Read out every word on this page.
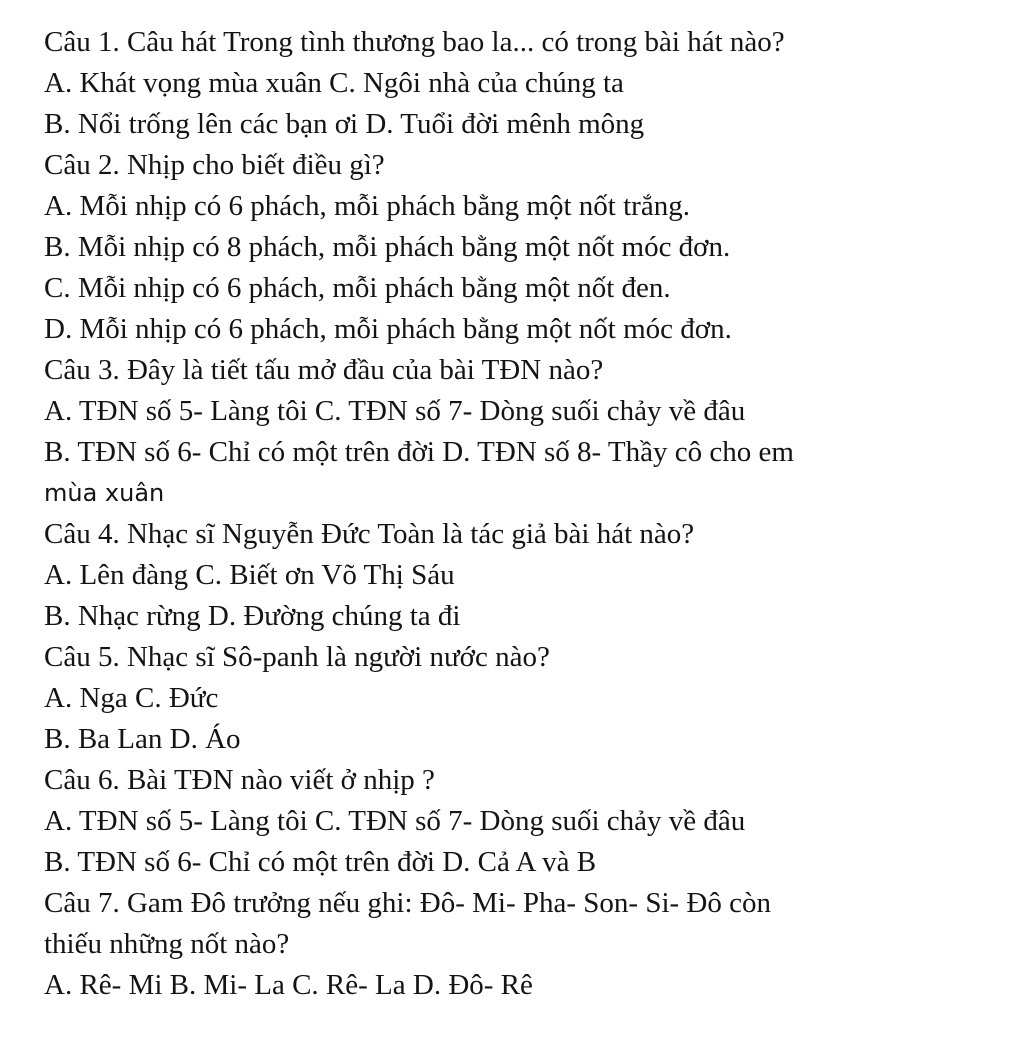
Câu 1. Câu hát Trong tình thương bao la... có trong bài hát nào?
A. Khát vọng mùa xuân C. Ngôi nhà của chúng ta
B. Nổi trống lên các bạn ơi D. Tuổi đời mênh mông
Câu 2. Nhịp cho biết điều gì?
A. Mỗi nhịp có 6 phách, mỗi phách bằng một nốt trắng.
B. Mỗi nhịp có 8 phách, mỗi phách bằng một nốt móc đơn.
C. Mỗi nhịp có 6 phách, mỗi phách bằng một nốt đen.
D. Mỗi nhịp có 6 phách, mỗi phách bằng một nốt móc đơn.
Câu 3. Đây là tiết tấu mở đầu của bài TĐN nào?
A. TĐN số 5- Làng tôi C. TĐN số 7- Dòng suối chảy về đâu
B. TĐN số 6- Chỉ có một trên đời D. TĐN số 8- Thầy cô cho em
mùa xuân
Câu 4. Nhạc sĩ Nguyễn Đức Toàn là tác giả bài hát nào?
A. Lên đàng C. Biết ơn Võ Thị Sáu
B. Nhạc rừng D. Đường chúng ta đi
Câu 5. Nhạc sĩ Sô-panh là người nước nào?
A. Nga C. Đức
B. Ba Lan D. Áo
Câu 6. Bài TĐN nào viết ở nhịp ?
A. TĐN số 5- Làng tôi C. TĐN số 7- Dòng suối chảy về đâu
B. TĐN số 6- Chỉ có một trên đời D. Cả A và B
Câu 7. Gam Đô trưởng nếu ghi: Đô- Mi- Pha- Son- Si- Đô còn
thiếu những nốt nào?
A. Rê- Mi B. Mi- La C. Rê- La D. Đô- Rê
